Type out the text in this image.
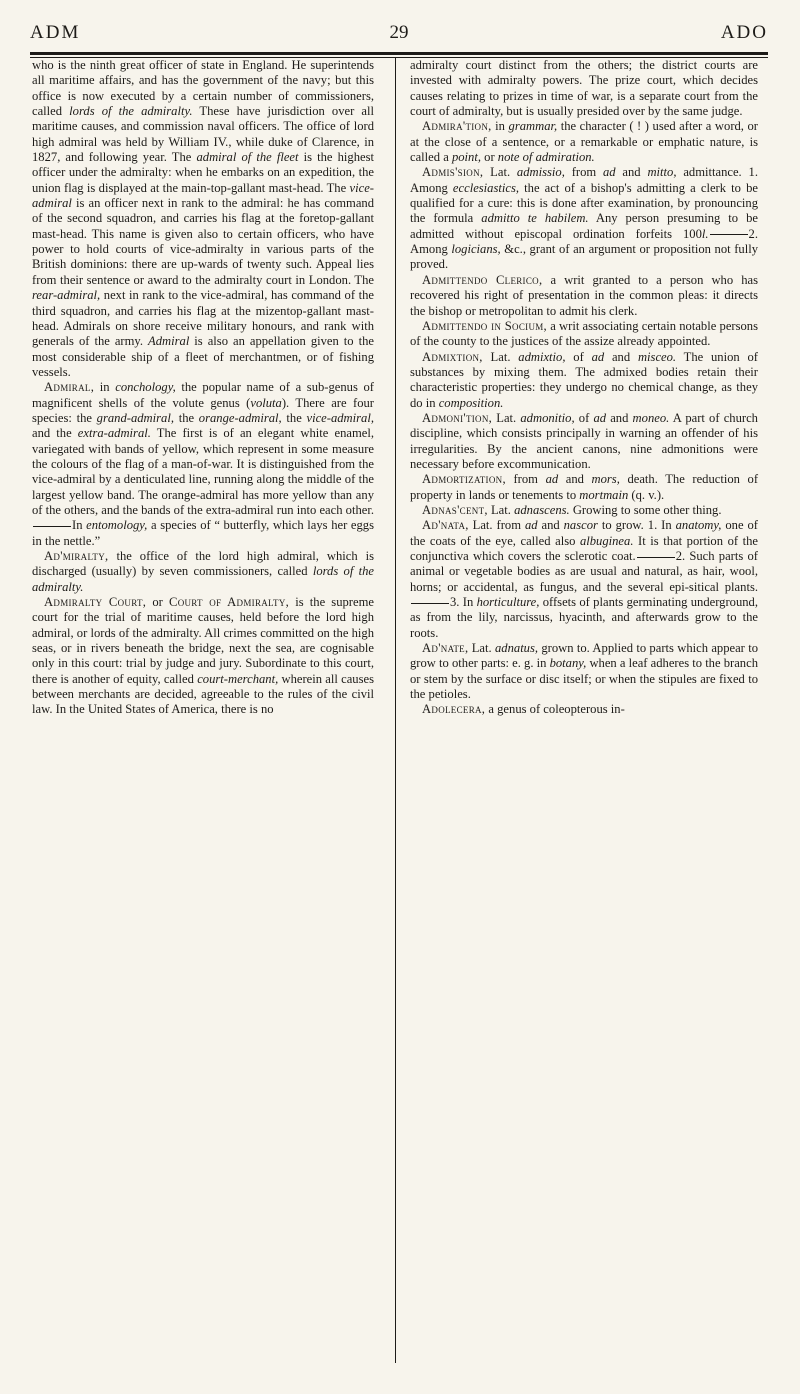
ADM	29	ADO

who is the ninth great officer of state in England. He superintends all maritime affairs, and has the government of the navy; but this office is now executed by a certain number of commissioners, called lords of the admiralty. These have jurisdiction over all maritime causes, and commission naval officers. The office of lord high admiral was held by William IV., while duke of Clarence, in 1827, and following year. The admiral of the fleet is the highest officer under the admiralty: when he embarks on an expedition, the union flag is displayed at the main-top-gallant mast-head. The vice-admiral is an officer next in rank to the admiral: he has command of the second squadron, and carries his flag at the foretop-gallant mast-head. This name is given also to certain officers, who have power to hold courts of vice-admiralty in various parts of the British dominions: there are up-wards of twenty such. Appeal lies from their sentence or award to the admiralty court in London. The rear-admiral, next in rank to the vice-admiral, has command of the third squadron, and carries his flag at the mizentop-gallant mast-head. Admirals on shore receive military honours, and rank with generals of the army. Admiral is also an appellation given to the most considerable ship of a fleet of merchantmen, or of fishing vessels.

Admiral, in conchology, the popular name of a sub-genus of magnificent shells of the volute genus (voluta). There are four species: the grand-admiral, the orange-admiral, the vice-admiral, and the extra-admiral. The first is of an elegant white enamel, variegated with bands of yellow, which represent in some measure the colours of the flag of a man-of-war. It is distinguished from the vice-admiral by a denticulated line, running along the middle of the largest yellow band. The orange-admiral has more yellow than any of the others, and the bands of the extra-admiral run into each other.In entomology, a species of “ butterfly, which lays her eggs in the nettle.”

Ad'miralty, the office of the lord high admiral, which is discharged (usually) by seven commissioners, called lords of the admiralty.

Admiralty Court, or Court of Admiralty, is the supreme court for the trial of maritime causes, held before the lord high admiral, or lords of the admiralty. All crimes committed on the high seas, or in rivers beneath the bridge, next the sea, are cognisable only in this court: trial by judge and jury. Subordinate to this court, there is another of equity, called court-merchant, wherein all causes between merchants are decided, agreeable to the rules of the civil law. In the United States of America, there is no

admiralty court distinct from the others; the district courts are invested with admiralty powers. The prize court, which decides causes relating to prizes in time of war, is a separate court from the court of admiralty, but is usually presided over by the same judge.

Admira'tion, in grammar, the character ( ! ) used after a word, or at the close of a sentence, or a remarkable or emphatic nature, is called a point, or note of admiration.

Admis'sion, Lat. admissio, from ad and mitto, admittance. 1. Among ecclesiastics, the act of a bishop's admitting a clerk to be qualified for a cure: this is done after examination, by pronouncing the formula admitto te habilem. Any person presuming to be admitted without episcopal ordination forfeits 100l.	2. Among logicians, &c., grant of an argument or proposition not fully proved.

Admittendo Clerico, a writ granted to a person who has recovered his right of presentation in the common pleas: it directs the bishop or metropolitan to admit his clerk.

Admittendo in Socium, a writ associating certain notable persons of the county to the justices of the assize already appointed.

Admixtion, Lat. admixtio, of ad and misceo. The union of substances by mixing them. The admixed bodies retain their characteristic properties: they undergo no chemical change, as they do in composition.

Admoni'tion, Lat. admonitio, of ad and moneo. A part of church discipline, which consists principally in warning an offender of his irregularities. By the ancient canons, nine admonitions were necessary before excommunication.

Admortization, from ad and mors, death. The reduction of property in lands or tenements to mortmain (q. v.).

Adnas'cent, Lat. adnascens. Growing to some other thing.

Ad'nata, Lat. from ad and nascor to grow. 1. In anatomy, one of the coats of the eye, called also albuginea. It is that portion of the conjunctiva which covers the sclerotic coat.	2. Such parts of animal or vegetable bodies as are usual and natural, as hair, wool, horns; or accidental, as fungus, and the several epi-sitical plants.3. In horticulture, offsets of plants germinating underground, as from the lily, narcissus, hyacinth, and afterwards grow to the roots.

Ad'nate, Lat. adnatus, grown to. Applied to parts which appear to grow to other parts: e. g. in botany, when a leaf adheres to the branch or stem by the surface or disc itself; or when the stipules are fixed to the petioles.

Adolecera, a genus of coleopterous in-
